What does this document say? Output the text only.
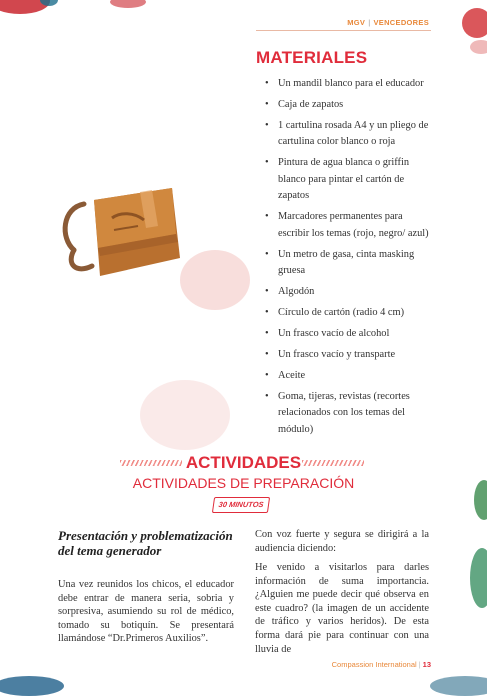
MGV | VENCEDORES
MATERIALES
• Un mandil blanco para el educador
• Caja de zapatos
• 1 cartulina rosada A4 y un pliego de cartulina color blanco o roja
• Pintura de agua blanca o griffin blanco para pintar el cartón de zapatos
• Marcadores permanentes para escribir los temas (rojo, negro/ azul)
• Un metro de gasa, cinta masking gruesa
• Algodón
• Círculo de cartón (radio 4 cm)
• Un frasco vacío de alcohol
• Un frasco vacío y transparte
• Aceite
• Goma, tijeras, revistas (recortes relacionados con los temas del módulo)
ACTIVIDADES
ACTIVIDADES DE PREPARACIÓN
30 MINUTOS
Presentación y problematización del tema generador

Una vez reunidos los chicos, el educador debe entrar de manera seria, sobria y sorpresiva, asumiendo su rol de médico, tomado su botiquín. Se presentará llamándose “Dr.Primeros Auxilios”.

Con voz fuerte y segura se dirigirá a la audiencia diciendo:

He venido a visitarlos para darles información de suma importancia. ¿Alguien me puede decir qué observa en este cuadro? (la imagen de un accidente de tráfico y varios heridos). De esta forma dará pie para continuar con una lluvia de

Compassion International | 13
